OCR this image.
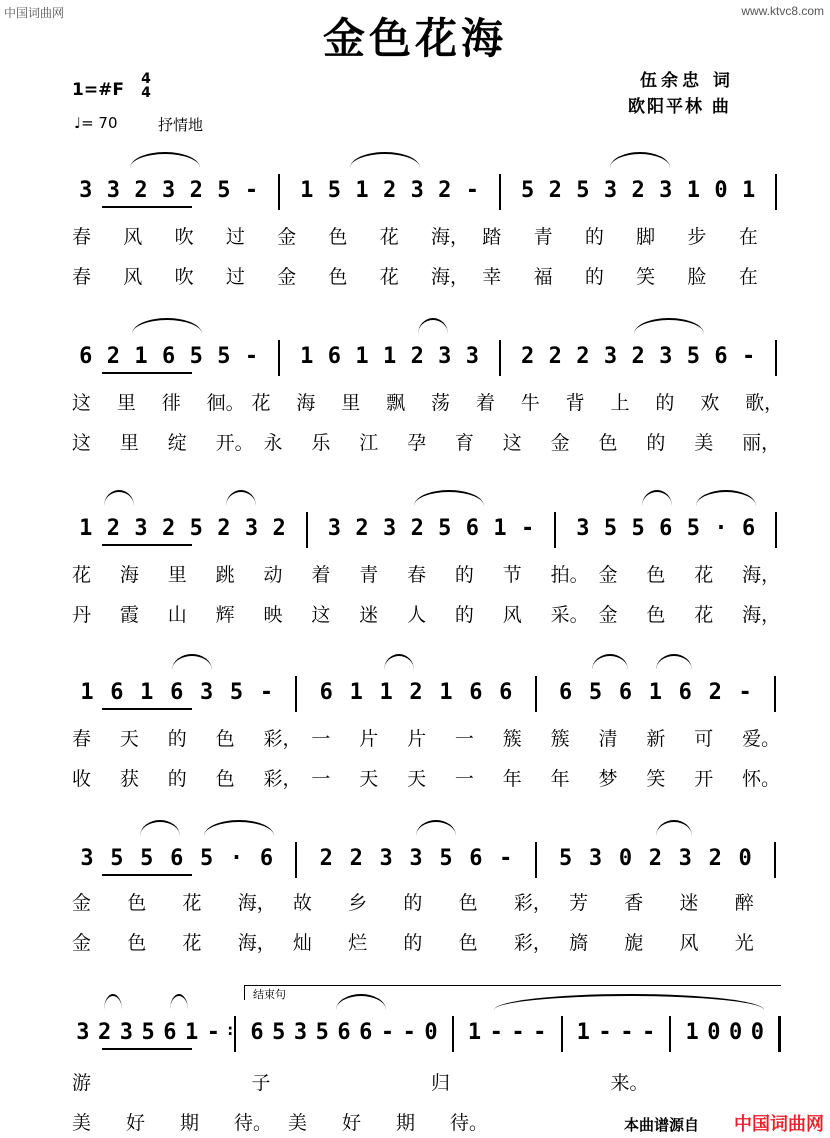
中国词曲网	www.ktvc8.com
金色花海
1=#F
4
4
♩= 70	抒情地
伍余忠 词
欧阳平林 曲
3 3 2 3 2 5 - 1 5 1 2 3 2 - 5 2 5 3 2 3 1 0 1
春 风 吹 过 金 色 花 海， 踏 青 的 脚 步 在
春 风 吹 过 金 色 花 海， 幸 福 的 笑 脸 在
6 2 1 6 5 5 - 1 6 1 1 2 3 3 2 2 2 3 2 3 5 6 -
这 里 徘 徊。 花 海 里 飘 荡 着 牛 背 上 的 欢 歌，
这 里 绽 开。 永 乐 江 孕 育 这 金 色 的 美 丽，
1 2 3 2 5 2 3 2 3 2 3 2 5 6 1 - 3 5 5 6 5 · 6
花 海 里 跳 动 着 青 春 的 节 拍。 金 色 花 海，
丹 霞 山 辉 映 这 迷 人 的 风 采。 金 色 花 海，
1 6 1 6 3 5 - 6 1 1 2 1 6 6 6 5 6 1 6 2 -
春 天 的 色 彩， 一 片 片 一 簇 簇 清 新 可 爱。
收 获 的 色 彩， 一 天 天 一 年 年 梦 笑 开 怀。
3 5 5 6 5 · 6 2 2 3 3 5 6 - 5 3 0 2 3 2 0
金 色 花 海， 故 乡 的 色 彩， 芳 香 迷 醉
金 色 花 海， 灿 烂 的 色 彩， 旖 旎 风 光
3 2 3 5 6 1 - : 6 5 3 5 6 6 - - 0 1 - - - 1 - - - 1 0 0 0
游	子	归	来。
美 好 期 待。 美 好 期 待。
结束句
本曲谱源自 中国词曲网
